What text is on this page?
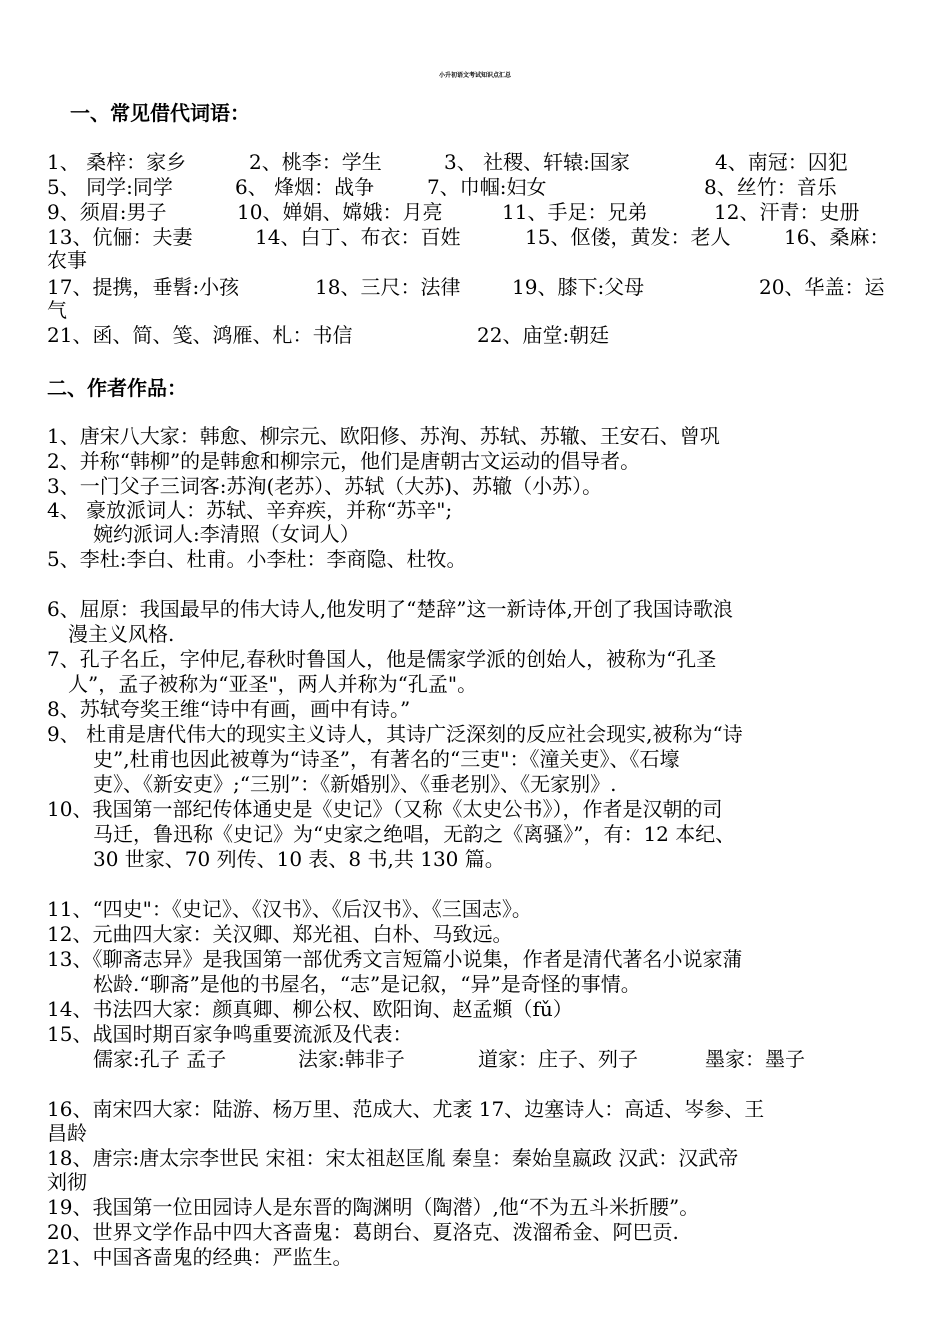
小升初语文考试知识点汇总
一、常见借代词语：
1、 桑梓：家乡	2、桃李：学生	3、 社稷、轩辕:国家	4、南冠：囚犯
5、 同学:同学	6、 烽烟：战争	7、巾帼:妇女	8、丝竹：音乐
9、须眉:男子	10、婵娟、嫦娥：月亮	11、手足：兄弟	12、汗青：史册
13、伉俪：夫妻	14、白丁、布衣：百姓	15、伛偻，黄发：老人	16、桑麻：
农事
17、提携，垂髫:小孩	18、三尺：法律	19、膝下:父母	20、华盖：运
气
21、函、简、笺、鸿雁、札：书信	22、庙堂:朝廷
二、作者作品：
1、唐宋八大家：韩愈、柳宗元、欧阳修、苏洵、苏轼、苏辙、王安石、曾巩
2、并称“韩柳”的是韩愈和柳宗元，他们是唐朝古文运动的倡导者。
3、一门父子三词客:苏洵(老苏）、苏轼（大苏)、苏辙（小苏）。
4、 豪放派词人：苏轼、辛弃疾，并称“苏辛";
婉约派词人:李清照（女词人）
5、李杜:李白、杜甫。小李杜：李商隐、杜牧。
6、屈原：我国最早的伟大诗人,他发明了“楚辞”这一新诗体,开创了我国诗歌浪
漫主义风格.
7、孔子名丘，字仲尼,春秋时鲁国人，他是儒家学派的创始人，被称为“孔圣
人”，孟子被称为“亚圣"，两人并称为“孔孟"。
8、苏轼夸奖王维“诗中有画，画中有诗。”
9、 杜甫是唐代伟大的现实主义诗人，其诗广泛深刻的反应社会现实,被称为“诗
史”,杜甫也因此被尊为“诗圣”，有著名的“三吏"：《潼关吏》、《石壕
吏》、《新安吏》;“三别”：《新婚别》、《垂老别》、《无家别》.
10、我国第一部纪传体通史是《史记》（又称《太史公书》），作者是汉朝的司
马迁，鲁迅称《史记》为“史家之绝唱，无韵之《离骚》”，有：12 本纪、
30 世家、70 列传、10 表、8 书,共 130 篇。
11、“四史"：《史记》、《汉书》、《后汉书》、《三国志》。
12、元曲四大家：关汉卿、郑光祖、白朴、马致远。
13、《聊斋志异》是我国第一部优秀文言短篇小说集，作者是清代著名小说家蒲
松龄.“聊斋”是他的书屋名，“志”是记叙，“异”是奇怪的事情。
14、书法四大家：颜真卿、柳公权、欧阳询、赵孟頫（fǔ）
15、战国时期百家争鸣重要流派及代表：
儒家:孔子 孟子	法家:韩非子	道家：庄子、列子	墨家：墨子
16、南宋四大家：陆游、杨万里、范成大、尤袤 17、边塞诗人：高适、岑参、王
昌龄
18、唐宗:唐太宗李世民 宋祖：宋太祖赵匡胤 秦皇：秦始皇嬴政 汉武：汉武帝
刘彻
19、我国第一位田园诗人是东晋的陶渊明（陶潜）,他“不为五斗米折腰”。
20、世界文学作品中四大吝啬鬼：葛朗台、夏洛克、泼溜希金、阿巴贡.
21、中国吝啬鬼的经典：严监生。
